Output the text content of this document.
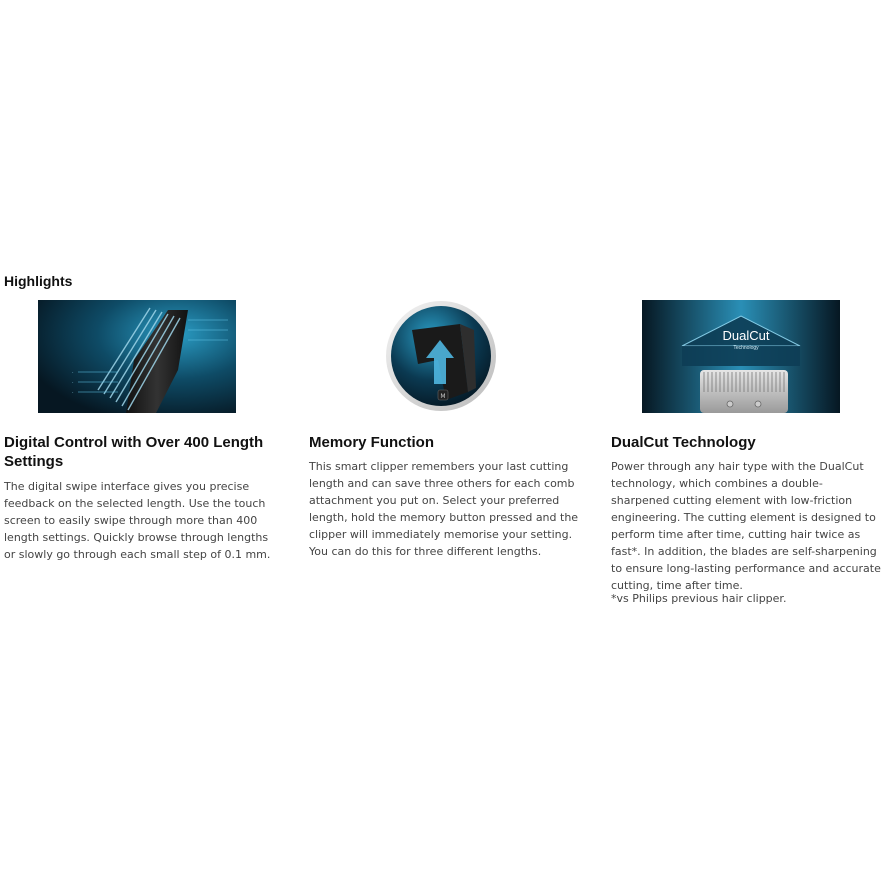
Highlights
·
·
·
Digital Control with Over 400 Length Settings

The digital swipe interface gives you precise feedback on the selected length. Use the touch screen to easily swipe through more than 400 length settings. Quickly browse through lengths or slowly go through each small step of 0.1 mm.

M
Memory Function

This smart clipper remembers your last cutting length and can save three others for each comb attachment you put on. Select your preferred length, hold the memory button pressed and the clipper will immediately memorise your setting. You can do this for three different lengths.

DualCut
Technology
DualCut Technology

Power through any hair type with the DualCut technology, which combines a double-sharpened cutting element with low-friction engineering. The cutting element is designed to perform time after time, cutting hair twice as fast*. In addition, the blades are self-sharpening to ensure long-lasting performance and accurate cutting, time after time.

*vs Philips previous hair clipper.
